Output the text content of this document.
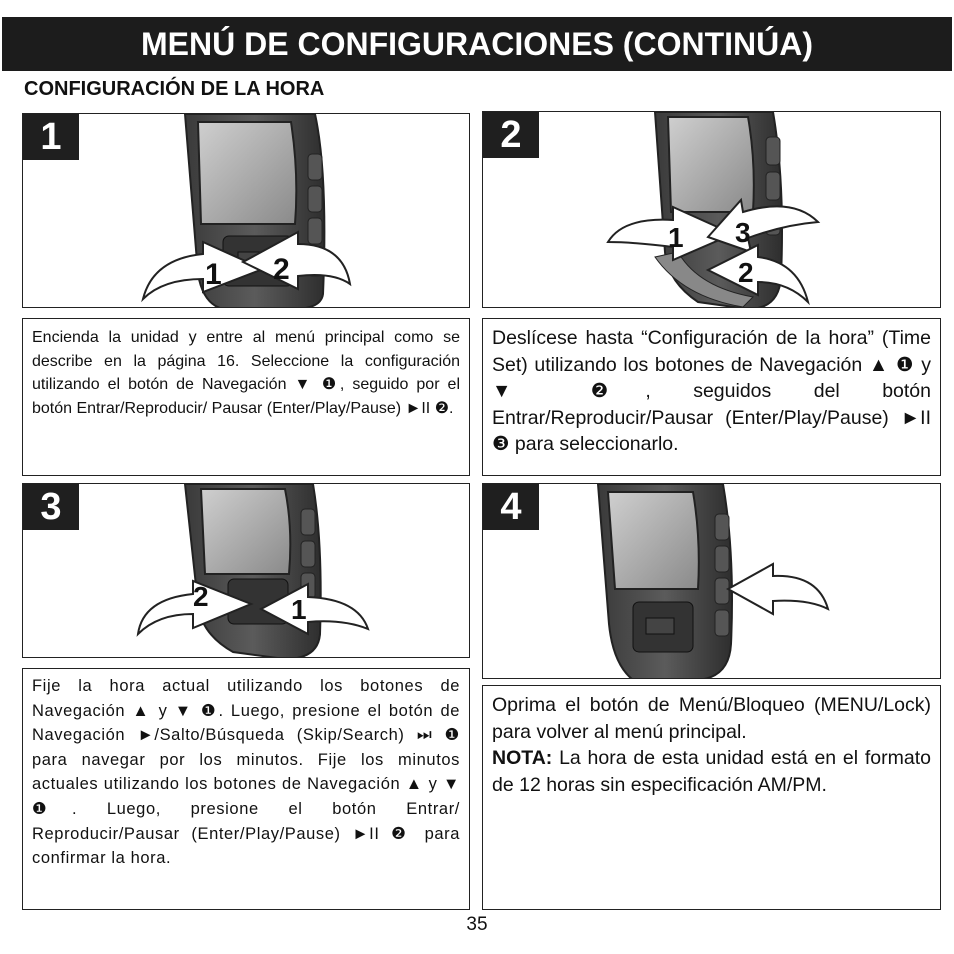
MENÚ DE CONFIGURACIONES (CONTINÚA)
CONFIGURACIÓN DE LA HORA
1
1 2
2
1 3
2
Encienda la unidad y entre al menú principal como se describe en la página 16. Seleccione la configuración utilizando el botón de Navegación ▼ ❶, seguido por el botón Entrar/Reproducir/ Pausar (Enter/Play/Pause) ►II ❷.
Deslícese hasta “Configuración de la hora” (Time Set) utilizando los botones de Navegación ▲ ❶ y ▼ ❷, seguidos del botón Entrar/Reproducir/Pausar (Enter/Play/Pause) ►II ❸ para seleccionarlo.
3
2	1
4
Fije la hora actual utilizando los botones de Navegación ▲ y ▼ ❶. Luego, presione el botón de Navegación ►/Salto/Búsqueda (Skip/Search) ⏭ ❶ para navegar por los minutos. Fije los minutos actuales utilizando los botones de Navegación ▲ y ▼ ❶. Luego, presione el botón Entrar/ Reproducir/Pausar (Enter/Play/Pause) ►II ❷ para confirmar la hora.
Oprima el botón de Menú/Bloqueo (MENU/Lock) para volver al menú principal.
NOTA: La hora de esta unidad está en el formato de 12 horas sin especificación AM/PM.
35
